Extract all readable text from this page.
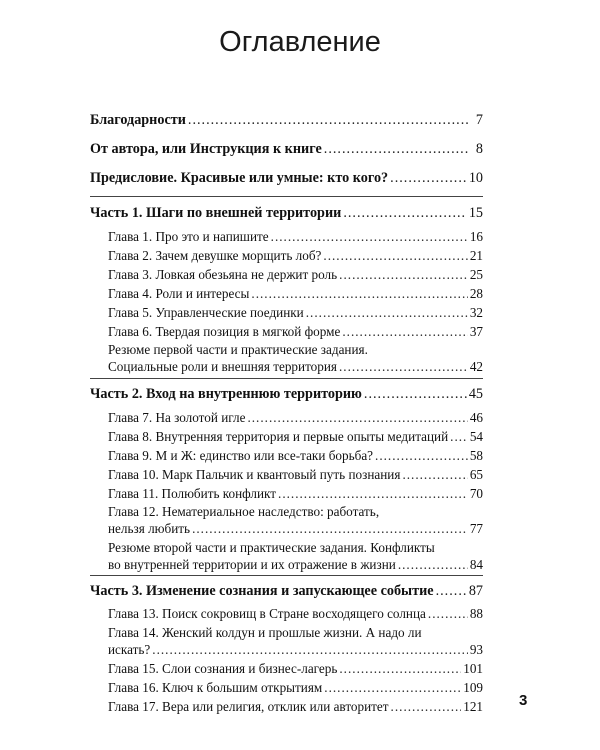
Оглавление
Благодарности .....	7
От автора, или Инструкция к книге .....	8
Предисловие. Красивые или умные: кто кого? .....	10
Часть 1. Шаги по внешней территории .....	15
Глава 1. Про это и напишите .....	16
Глава 2. Зачем девушке морщить лоб? .....	21
Глава 3. Ловкая обезьяна не держит роль .....	25
Глава 4. Роли и интересы .....	28
Глава 5. Управленческие поединки .....	32
Глава 6. Твердая позиция в мягкой форме .....	37
Резюме первой части и практические задания.
Социальные роли и внешняя территория .....	42
Часть 2. Вход на внутреннюю территорию .....	45
Глава 7. На золотой игле .....	46
Глава 8. Внутренняя территория и первые опыты медитаций ..... 54
Глава 9. М и Ж: единство или все-таки борьба? .....	58
Глава 10. Марк Пальчик и квантовый путь познания .....	65
Глава 11. Полюбить конфликт .....	70
Глава 12. Нематериальное наследство: работать,
нельзя любить .....	77
Резюме второй части и практические задания. Конфликты
во внутренней территории и их отражение в жизни .....	84
Часть 3. Изменение сознания и запускающее событие ..... 87
Глава 13. Поиск сокровищ в Стране восходящего солнца .....	88
Глава 14. Женский колдун и прошлые жизни. А надо ли
искать? .....	93
Глава 15. Слои сознания и бизнес-лагерь .....	101
Глава 16. Ключ к большим открытиям .....	109
Глава 17. Вера или религия, отклик или авторитет .....	121 3
